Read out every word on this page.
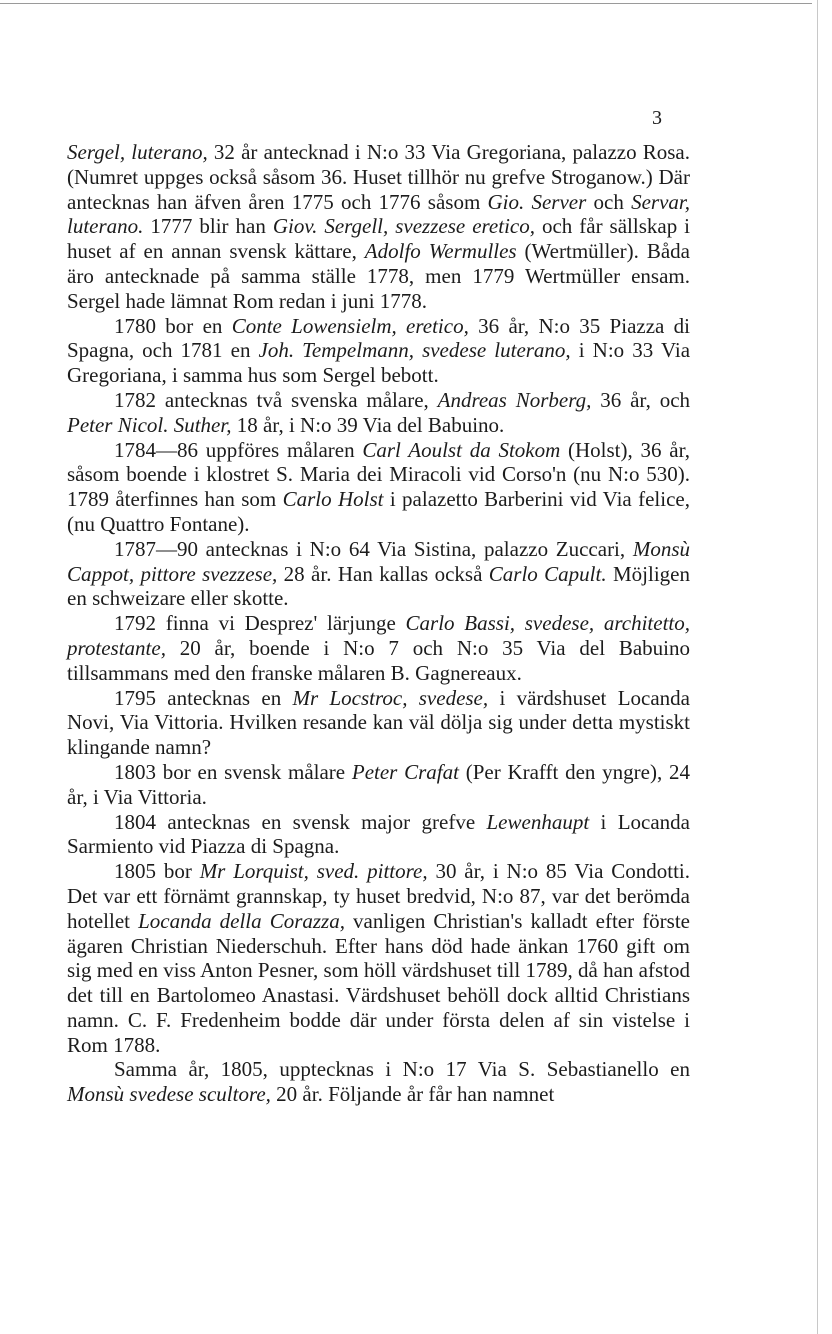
3

Sergel, luterano, 32 år antecknad i N:o 33 Via Gregoriana, palazzo Rosa. (Numret uppges också såsom 36. Huset tillhör nu grefve Stroganow.) Där antecknas han äfven åren 1775 och 1776 såsom Gio. Server och Servar, luterano. 1777 blir han Giov. Sergell, svezzese eretico, och får sällskap i huset af en annan svensk kättare, Adolfo Wermulles (Wertmüller). Båda äro antecknade på samma ställe 1778, men 1779 Wertmüller ensam. Sergel hade lämnat Rom redan i juni 1778.

1780 bor en Conte Lowensielm, eretico, 36 år, N:o 35 Piazza di Spagna, och 1781 en Joh. Tempelmann, svedese luterano, i N:o 33 Via Gregoriana, i samma hus som Sergel bebott.

1782 antecknas två svenska målare, Andreas Norberg, 36 år, och Peter Nicol. Suther, 18 år, i N:o 39 Via del Babuino.

1784—86 uppföres målaren Carl Aoulst da Stokom (Holst), 36 år, såsom boende i klostret S. Maria dei Miracoli vid Corso'n (nu N:o 530). 1789 återfinnes han som Carlo Holst i palazetto Barberini vid Via felice, (nu Quattro Fontane).

1787—90 antecknas i N:o 64 Via Sistina, palazzo Zuccari, Monsù Cappot, pittore svezzese, 28 år. Han kallas också Carlo Capult. Möjligen en schweizare eller skotte.

1792 finna vi Desprez' lärjunge Carlo Bassi, svedese, architetto, protestante, 20 år, boende i N:o 7 och N:o 35 Via del Babuino tillsammans med den franske målaren B. Gagnereaux.

1795 antecknas en Mr Locstroc, svedese, i värdshuset Locanda Novi, Via Vittoria. Hvilken resande kan väl dölja sig under detta mystiskt klingande namn?

1803 bor en svensk målare Peter Crafat (Per Krafft den yngre), 24 år, i Via Vittoria.

1804 antecknas en svensk major grefve Lewenhaupt i Locanda Sarmiento vid Piazza di Spagna.

1805 bor Mr Lorquist, sved. pittore, 30 år, i N:o 85 Via Condotti. Det var ett förnämt grannskap, ty huset bredvid, N:o 87, var det berömda hotellet Locanda della Corazza, vanligen Christian's kalladt efter förste ägaren Christian Niederschuh. Efter hans död hade änkan 1760 gift om sig med en viss Anton Pesner, som höll värdshuset till 1789, då han afstod det till en Bartolomeo Anastasi. Värdshuset behöll dock alltid Christians namn. C. F. Fredenheim bodde där under första delen af sin vistelse i Rom 1788.

Samma år, 1805, upptecknas i N:o 17 Via S. Sebastianello en Monsù svedese scultore, 20 år. Följande år får han namnet
